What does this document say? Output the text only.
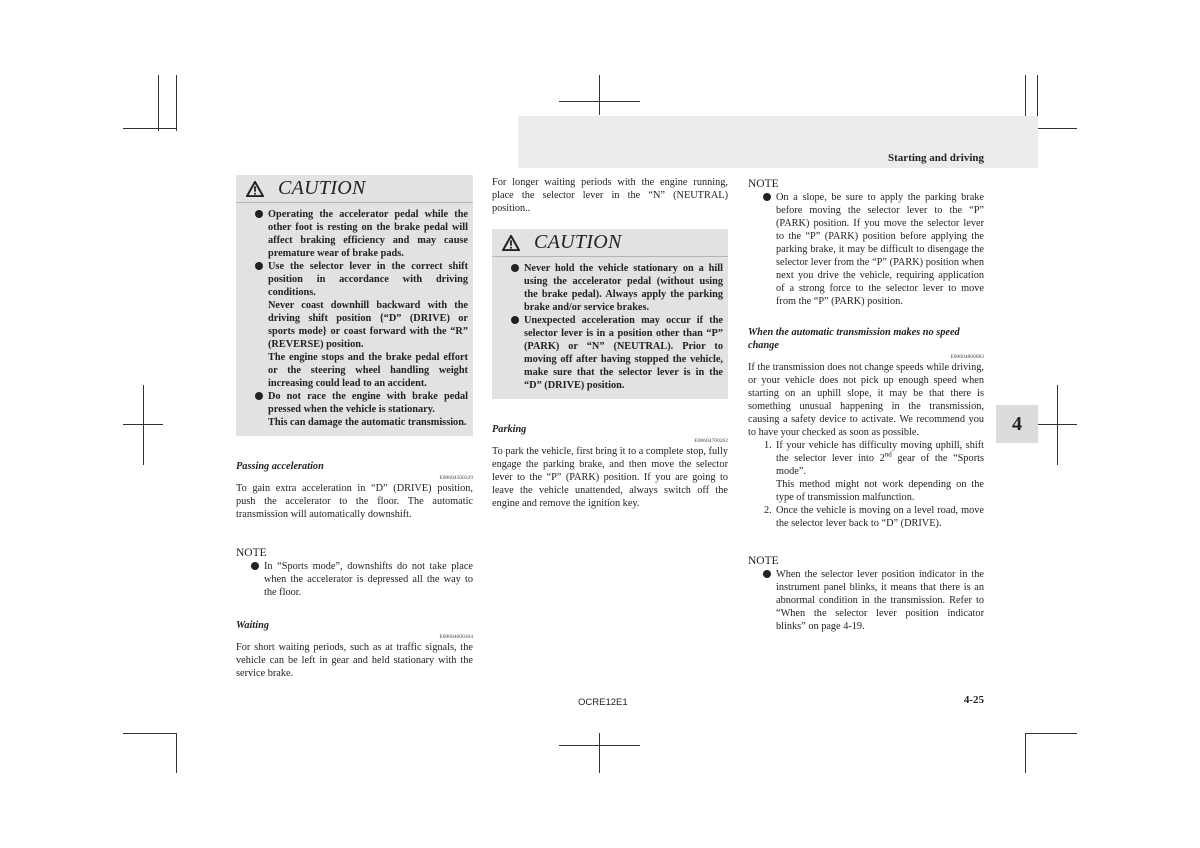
Starting and driving
4
CAUTION

Operating the accelerator pedal while the other foot is resting on the brake pedal will affect braking efficiency and may cause premature wear of brake pads.

Use the selector lever in the correct shift position in accordance with driving conditions.

Never coast downhill backward with the driving shift position {“D” (DRIVE) or sports mode} or coast forward with the “R” (REVERSE) position.

The engine stops and the brake pedal effort or the steering wheel handling weight increasing could lead to an accident.

Do not race the engine with brake pedal pressed when the vehicle is stationary.

This can damage the automatic transmission.

Passing acceleration
E00604500329

To gain extra acceleration in “D” (DRIVE) position, push the accelerator to the floor. The automatic transmission will automatically downshift.

NOTE
In “Sports mode”, downshifts do not take place when the accelerator is depressed all the way to the floor.
Waiting
E00604600304

For short waiting periods, such as at traffic signals, the vehicle can be left in gear and held stationary with the service brake.

For longer waiting periods with the engine running, place the selector lever in the “N” (NEUTRAL) position..

CAUTION

Never hold the vehicle stationary on a hill using the accelerator pedal (without using the brake pedal). Always apply the parking brake and/or service brakes.

Unexpected acceleration may occur if the selector lever is in a position other than “P” (PARK) or “N” (NEUTRAL). Prior to moving off after having stopped the vehicle, make sure that the selector lever is in the “D” (DRIVE) position.

Parking
E00604700262

To park the vehicle, first bring it to a complete stop, fully engage the parking brake, and then move the selector lever to the “P” (PARK) position. If you are going to leave the vehicle unattended, always switch off the engine and remove the ignition key.

NOTE
On a slope, be sure to apply the parking brake before moving the selector lever to the “P” (PARK) position. If you move the selector lever to the “P” (PARK) position before applying the parking brake, it may be difficult to disengage the selector lever from the “P” (PARK) position when next you drive the vehicle, requiring application of a strong force to the selector lever to move from the “P” (PARK) position.
When the automatic transmission makes no speed change
E00604800683

If the transmission does not change speeds while driving, or your vehicle does not pick up enough speed when starting on an uphill slope, it may be that there is something unusual happening in the transmission, causing a safety device to activate. We recommend you to have your checked as soon as possible.

1. If your vehicle has difficulty moving uphill, shift the selector lever into 2nd gear of the “Sports mode”.

This method might not work depending on the type of transmission malfunction.

2. Once the vehicle is moving on a level road, move the selector lever back to “D” (DRIVE).
NOTE
When the selector lever position indicator in the instrument panel blinks, it means that there is an abnormal condition in the transmission. Refer to “When the selector lever position indicator blinks” on page 4-19.
OCRE12E1	4-25
